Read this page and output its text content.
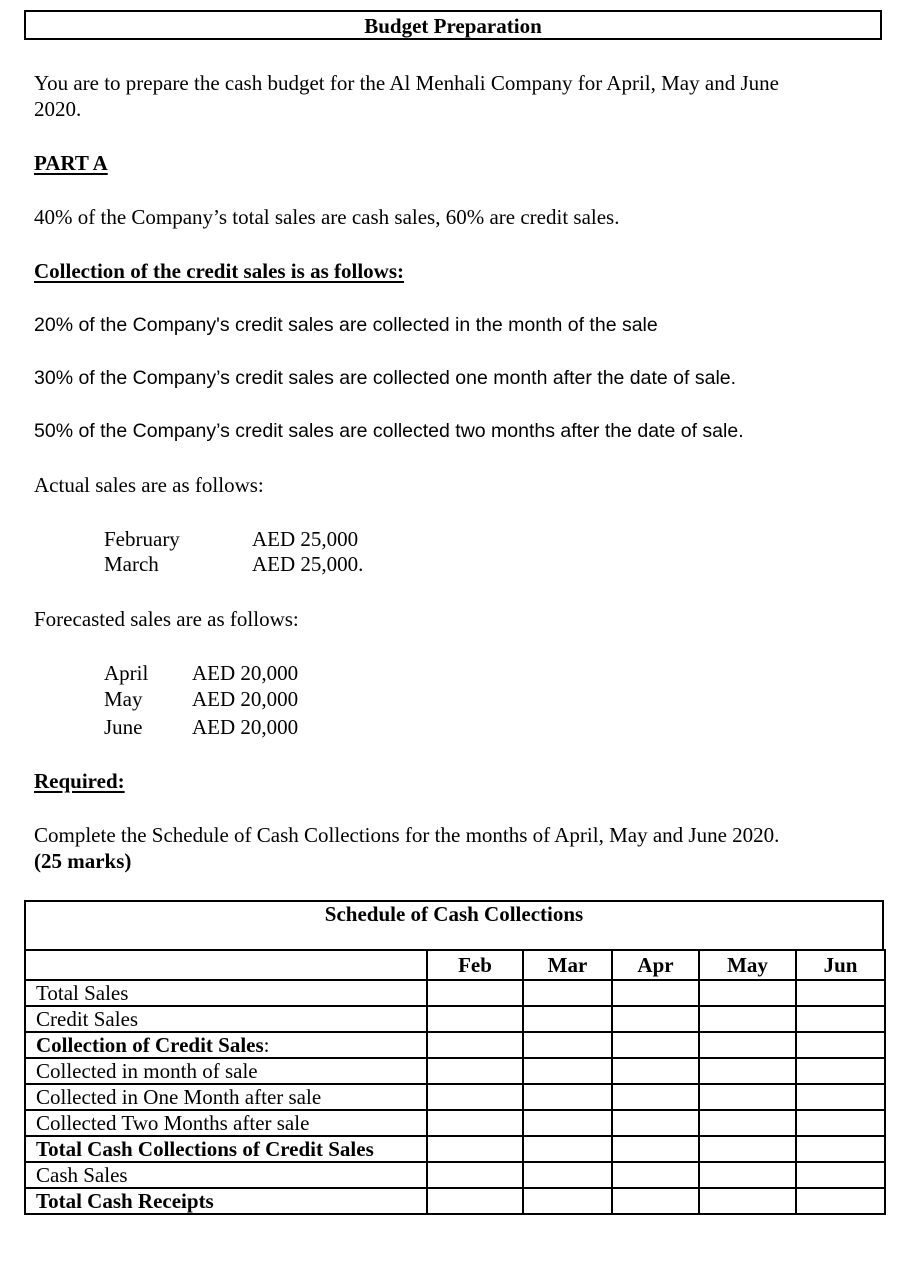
Budget Preparation
You are to prepare the cash budget for the Al Menhali Company for April, May and June
2020.
PART A
40% of the Company’s total sales are cash sales, 60% are credit sales.
Collection of the credit sales is as follows:
20% of the Company's credit sales are collected in the month of the sale
30% of the Company’s credit sales are collected one month after the date of sale.
50% of the Company’s credit sales are collected two months after the date of sale.
Actual sales are as follows:
February	AED 25,000
March	AED 25,000.
Forecasted sales are as follows:
April AED 20,000
May AED 20,000
June AED 20,000
Required:
Complete the Schedule of Cash Collections for the months of April, May and June 2020.
(25 marks)
Schedule of Cash Collections
	Feb	Mar	Apr	May	Jun
Total Sales					
Credit Sales					
Collection of Credit Sales:					
Collected in month of sale					
Collected in One Month after sale					
Collected Two Months after sale					
Total Cash Collections of Credit Sales					
Cash Sales					
Total Cash Receipts					
